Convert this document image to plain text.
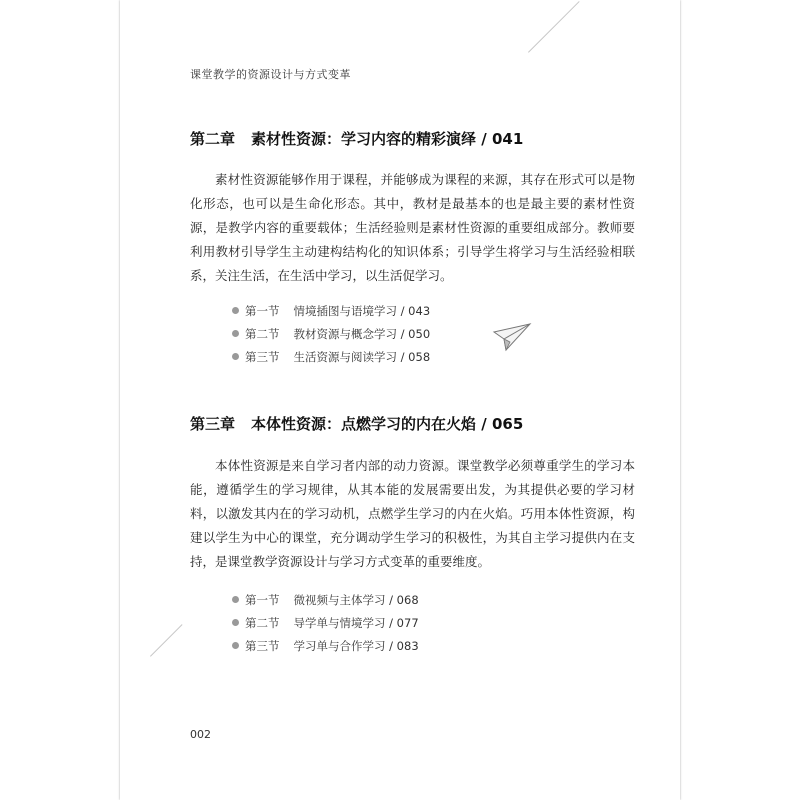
课堂教学的资源设计与方式变革
第二章 素材性资源：学习内容的精彩演绎 / 041

素材性资源能够作用于课程，并能够成为课程的来源，其存在形式可以是物化形态，也可以是生命化形态。其中，教材是最基本的也是最主要的素材性资源，是教学内容的重要载体；生活经验则是素材性资源的重要组成部分。教师要利用教材引导学生主动建构结构化的知识体系；引导学生将学习与生活经验相联系，关注生活，在生活中学习，以生活促学习。

第一节 情境插图与语境学习 / 043
第二节 教材资源与概念学习 / 050
第三节 生活资源与阅读学习 / 058
第三章 本体性资源：点燃学习的内在火焰 / 065

本体性资源是来自学习者内部的动力资源。课堂教学必须尊重学生的学习本能，遵循学生的学习规律，从其本能的发展需要出发，为其提供必要的学习材料，以激发其内在的学习动机，点燃学生学习的内在火焰。巧用本体性资源，构建以学生为中心的课堂，充分调动学生学习的积极性，为其自主学习提供内在支持，是课堂教学资源设计与学习方式变革的重要维度。

第一节 微视频与主体学习 / 068
第二节 导学单与情境学习 / 077
第三节 学习单与合作学习 / 083
002
